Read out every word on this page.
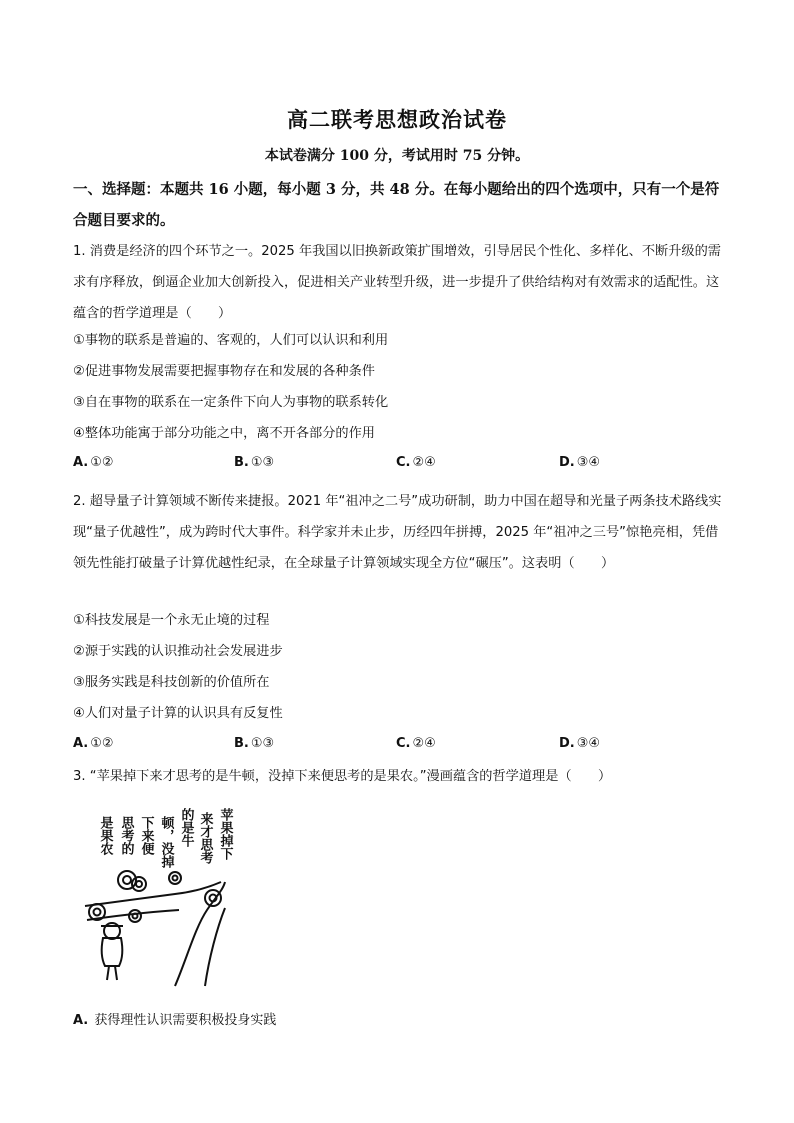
高二联考思想政治试卷
本试卷满分 100 分，考试用时 75 分钟。
一、选择题：本题共 16 小题，每小题 3 分，共 48 分。在每小题给出的四个选项中，只有一个是符合题目要求的。
1. 消费是经济的四个环节之一。2025 年我国以旧换新政策扩围增效，引导居民个性化、多样化、不断升级的需求有序释放，倒逼企业加大创新投入，促进相关产业转型升级，进一步提升了供给结构对有效需求的适配性。这蕴含的哲学道理是（　　）
①事物的联系是普遍的、客观的，人们可以认识和利用
②促进事物发展需要把握事物存在和发展的各种条件
③自在事物的联系在一定条件下向人为事物的联系转化
④整体功能寓于部分功能之中，离不开各部分的作用
A. ①②	B. ①③	C. ②④	D. ③④
2. 超导量子计算领域不断传来捷报。2021 年“祖冲之二号”成功研制，助力中国在超导和光量子两条技术路线实现“量子优越性”，成为跨时代大事件。科学家并未止步，历经四年拼搏，2025 年“祖冲之三号”惊艳亮相，凭借领先性能打破量子计算优越性纪录，在全球量子计算领域实现全方位“碾压”。这表明（　　）
①科技发展是一个永无止境的过程
②源于实践的认识推动社会发展进步
③服务实践是科技创新的价值所在
④人们对量子计算的认识具有反复性
A. ①②	B. ①③	C. ②④	D. ③④
3. “苹果掉下来才思考的是牛顿，没掉下来便思考的是果农。”漫画蕴含的哲学道理是（　　）
苹果掉下
来才思考
的是牛
顿，没掉
下来便
思考的
是果农
A. 获得理性认识需要积极投身实践
